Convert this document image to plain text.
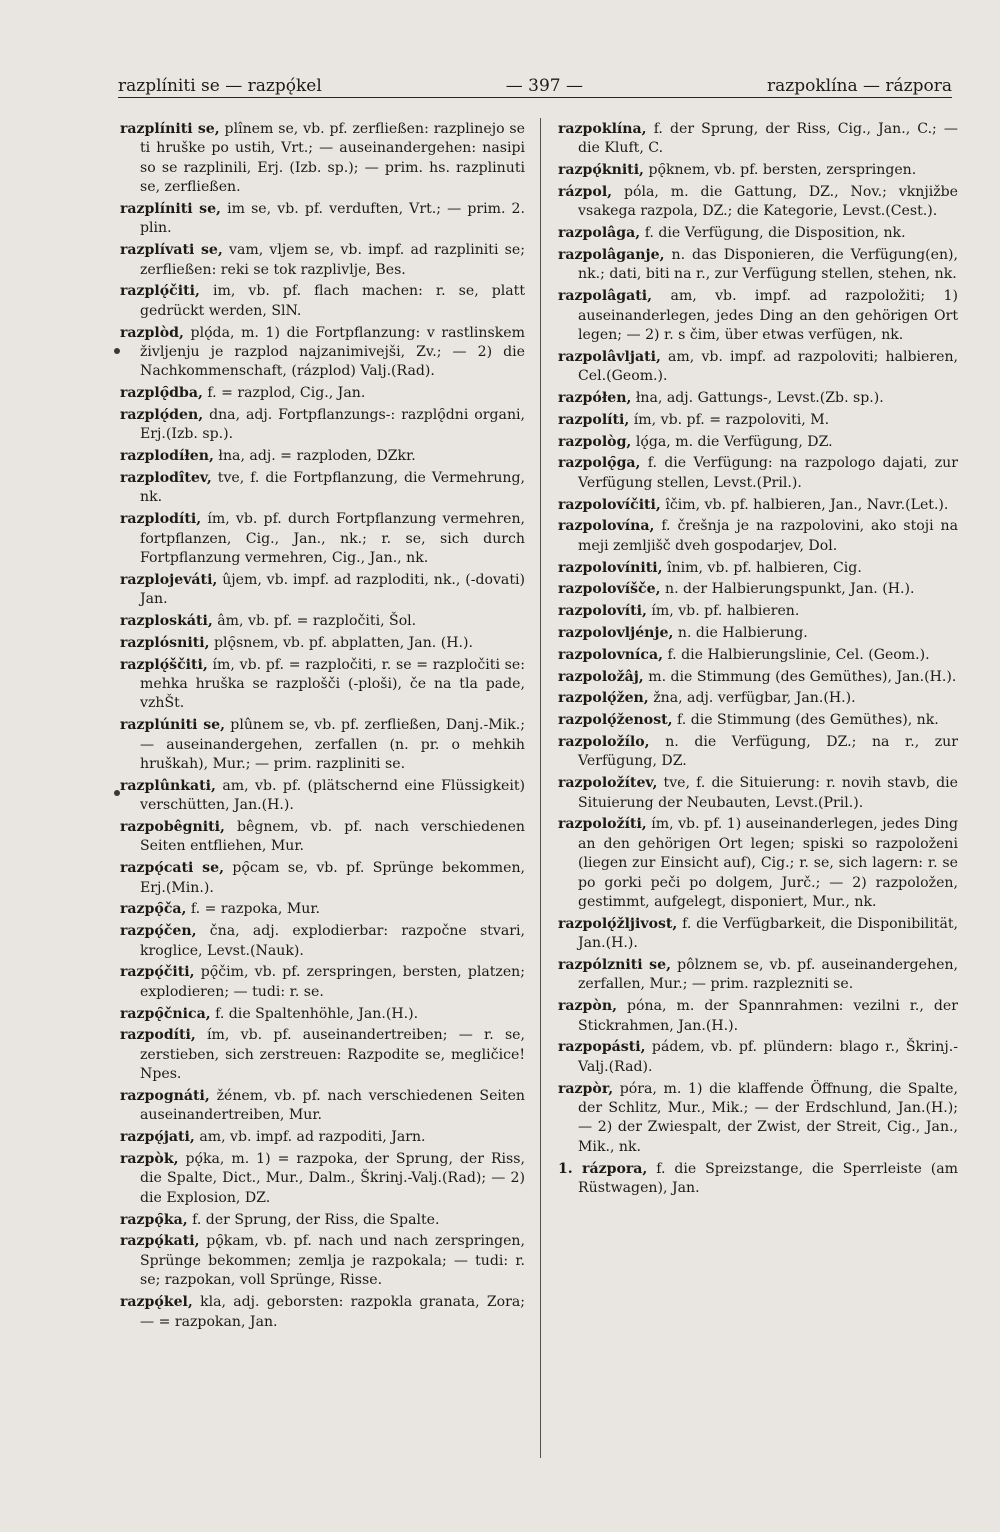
razplíniti se — razpǫ́kel	— 397 —	razpoklína — rázpora

razplíniti se, plînem se, vb. pf. zerfließen: razplinejo se ti hruške po ustih, Vrt.; — auseinandergehen: nasipi so se razplinili, Erj. (Izb. sp.); — prim. hs. razplinuti se, zerfließen.

razplíniti se, im se, vb. pf. verduften, Vrt.; — prim. 2. plin.

razplívati se, vam, vljem se, vb. impf. ad razpliniti se; zerfließen: reki se tok razplivlje, Bes.

razplǫ́čiti, im, vb. pf. flach machen: r. se, platt gedrückt werden, SlN.

razplòd, plǫ́da, m. 1) die Fortpflanzung: v rastlinskem življenju je razplod najzanimivejši, Zv.; — 2) die Nachkommenschaft, (rázplod) Valj.(Rad).

razplǫ̑dba, f. = razplod, Cig., Jan.

razplǫ́den, dna, adj. Fortpflanzungs-: razplǫ̑dni organi, Erj.(Izb. sp.).

razplodíłen, łna, adj. = razploden, DZkr.

razplodîtev, tve, f. die Fortpflanzung, die Vermehrung, nk.

razplodíti, ím, vb. pf. durch Fortpflanzung vermehren, fortpflanzen, Cig., Jan., nk.; r. se, sich durch Fortpflanzung vermehren, Cig., Jan., nk.

razplojeváti, ûjem, vb. impf. ad razploditi, nk., (-dovati) Jan.

razploskáti, âm, vb. pf. = razpločiti, Šol.

razplósniti, plǫ̑snem, vb. pf. abplatten, Jan. (H.).

razplǫ́ščiti, ím, vb. pf. = razpločiti, r. se = razpločiti se: mehka hruška se razplošči (-ploši), če na tla pade, vzhŠt.

razplúniti se, plûnem se, vb. pf. zerfließen, Danj.-Mik.; — auseinandergehen, zerfallen (n. pr. o mehkih hruškah), Mur.; — prim. razpliniti se.

razplûnkati, am, vb. pf. (plätschernd eine Flüssigkeit) verschütten, Jan.(H.).

razpobêgniti, bêgnem, vb. pf. nach verschiedenen Seiten entfliehen, Mur.

razpǫ́cati se, pǫ̑cam se, vb. pf. Sprünge bekommen, Erj.(Min.).

razpǫ̑ča, f. = razpoka, Mur.

razpǫ́čen, čna, adj. explodierbar: razpočne stvari, kroglice, Levst.(Nauk).

razpǫ́čiti, pǫ̑čim, vb. pf. zerspringen, bersten, platzen; explodieren; — tudi: r. se.

razpǫ̑čnica, f. die Spaltenhöhle, Jan.(H.).

razpodíti, ím, vb. pf. auseinandertreiben; — r. se, zerstieben, sich zerstreuen: Razpodite se, megličice! Npes.

razpognáti, žénem, vb. pf. nach verschiedenen Seiten auseinandertreiben, Mur.

razpǫ́jati, am, vb. impf. ad razpoditi, Jarn.

razpòk, pǫ́ka, m. 1) = razpoka, der Sprung, der Riss, die Spalte, Dict., Mur., Dalm., Škrinj.-Valj.(Rad); — 2) die Explosion, DZ.

razpǫ̑ka, f. der Sprung, der Riss, die Spalte.

razpǫ́kati, pǫ̑kam, vb. pf. nach und nach zerspringen, Sprünge bekommen; zemlja je razpokala; — tudi: r. se; razpokan, voll Sprünge, Risse.

razpǫ́kel, kla, adj. geborsten: razpokla granata, Zora; — = razpokan, Jan.

razpoklína, f. der Sprung, der Riss, Cig., Jan., C.; — die Kluft, C.

razpǫ́kniti, pǫ̑knem, vb. pf. bersten, zerspringen.

rázpol, póla, m. die Gattung, DZ., Nov.; vknjižbe vsakega razpola, DZ.; die Kategorie, Levst.(Cest.).

razpolâga, f. die Verfügung, die Disposition, nk.

razpolâganje, n. das Disponieren, die Verfügung(en), nk.; dati, biti na r., zur Verfügung stellen, stehen, nk.

razpolâgati, am, vb. impf. ad razpoložiti; 1) auseinanderlegen, jedes Ding an den gehörigen Ort legen; — 2) r. s čim, über etwas verfügen, nk.

razpolâvljati, am, vb. impf. ad razpoloviti; halbieren, Cel.(Geom.).

razpółen, łna, adj. Gattungs-, Levst.(Zb. sp.).

razpolíti, ím, vb. pf. = razpoloviti, M.

razpològ, lǫ́ga, m. die Verfügung, DZ.

razpolǫ̑ga, f. die Verfügung: na razpologo dajati, zur Verfügung stellen, Levst.(Pril.).

razpolovíčiti, îčim, vb. pf. halbieren, Jan., Navr.(Let.).

razpolovína, f. črešnja je na razpolovini, ako stoji na meji zemljišč dveh gospodarjev, Dol.

razpolovíniti, înim, vb. pf. halbieren, Cig.

razpolovíšče, n. der Halbierungspunkt, Jan. (H.).

razpolovíti, ím, vb. pf. halbieren.

razpolovljénje, n. die Halbierung.

razpolovníca, f. die Halbierungslinie, Cel. (Geom.).

razpoložâj, m. die Stimmung (des Gemüthes), Jan.(H.).

razpolǫ́žen, žna, adj. verfügbar, Jan.(H.).

razpolǫ́ženost, f. die Stimmung (des Gemüthes), nk.

razpoložílo, n. die Verfügung, DZ.; na r., zur Verfügung, DZ.

razpoložítev, tve, f. die Situierung: r. novih stavb, die Situierung der Neubauten, Levst.(Pril.).

razpoložíti, ím, vb. pf. 1) auseinanderlegen, jedes Ding an den gehörigen Ort legen; spiski so razpoloženi (liegen zur Einsicht auf), Cig.; r. se, sich lagern: r. se po gorki peči po dolgem, Jurč.; — 2) razpoložen, gestimmt, aufgelegt, disponiert, Mur., nk.

razpolǫ́žljivost, f. die Verfügbarkeit, die Disponibilität, Jan.(H.).

razpólzniti se, pôlznem se, vb. pf. auseinandergehen, zerfallen, Mur.; — prim. razplezniti se.

razpòn, póna, m. der Spannrahmen: vezilni r., der Stickrahmen, Jan.(H.).

razpopásti, pádem, vb. pf. plündern: blago r., Škrinj.-Valj.(Rad).

razpòr, póra, m. 1) die klaffende Öffnung, die Spalte, der Schlitz, Mur., Mik.; — der Erdschlund, Jan.(H.); — 2) der Zwiespalt, der Zwist, der Streit, Cig., Jan., Mik., nk.

1. rázpora, f. die Spreizstange, die Sperrleiste (am Rüstwagen), Jan.
